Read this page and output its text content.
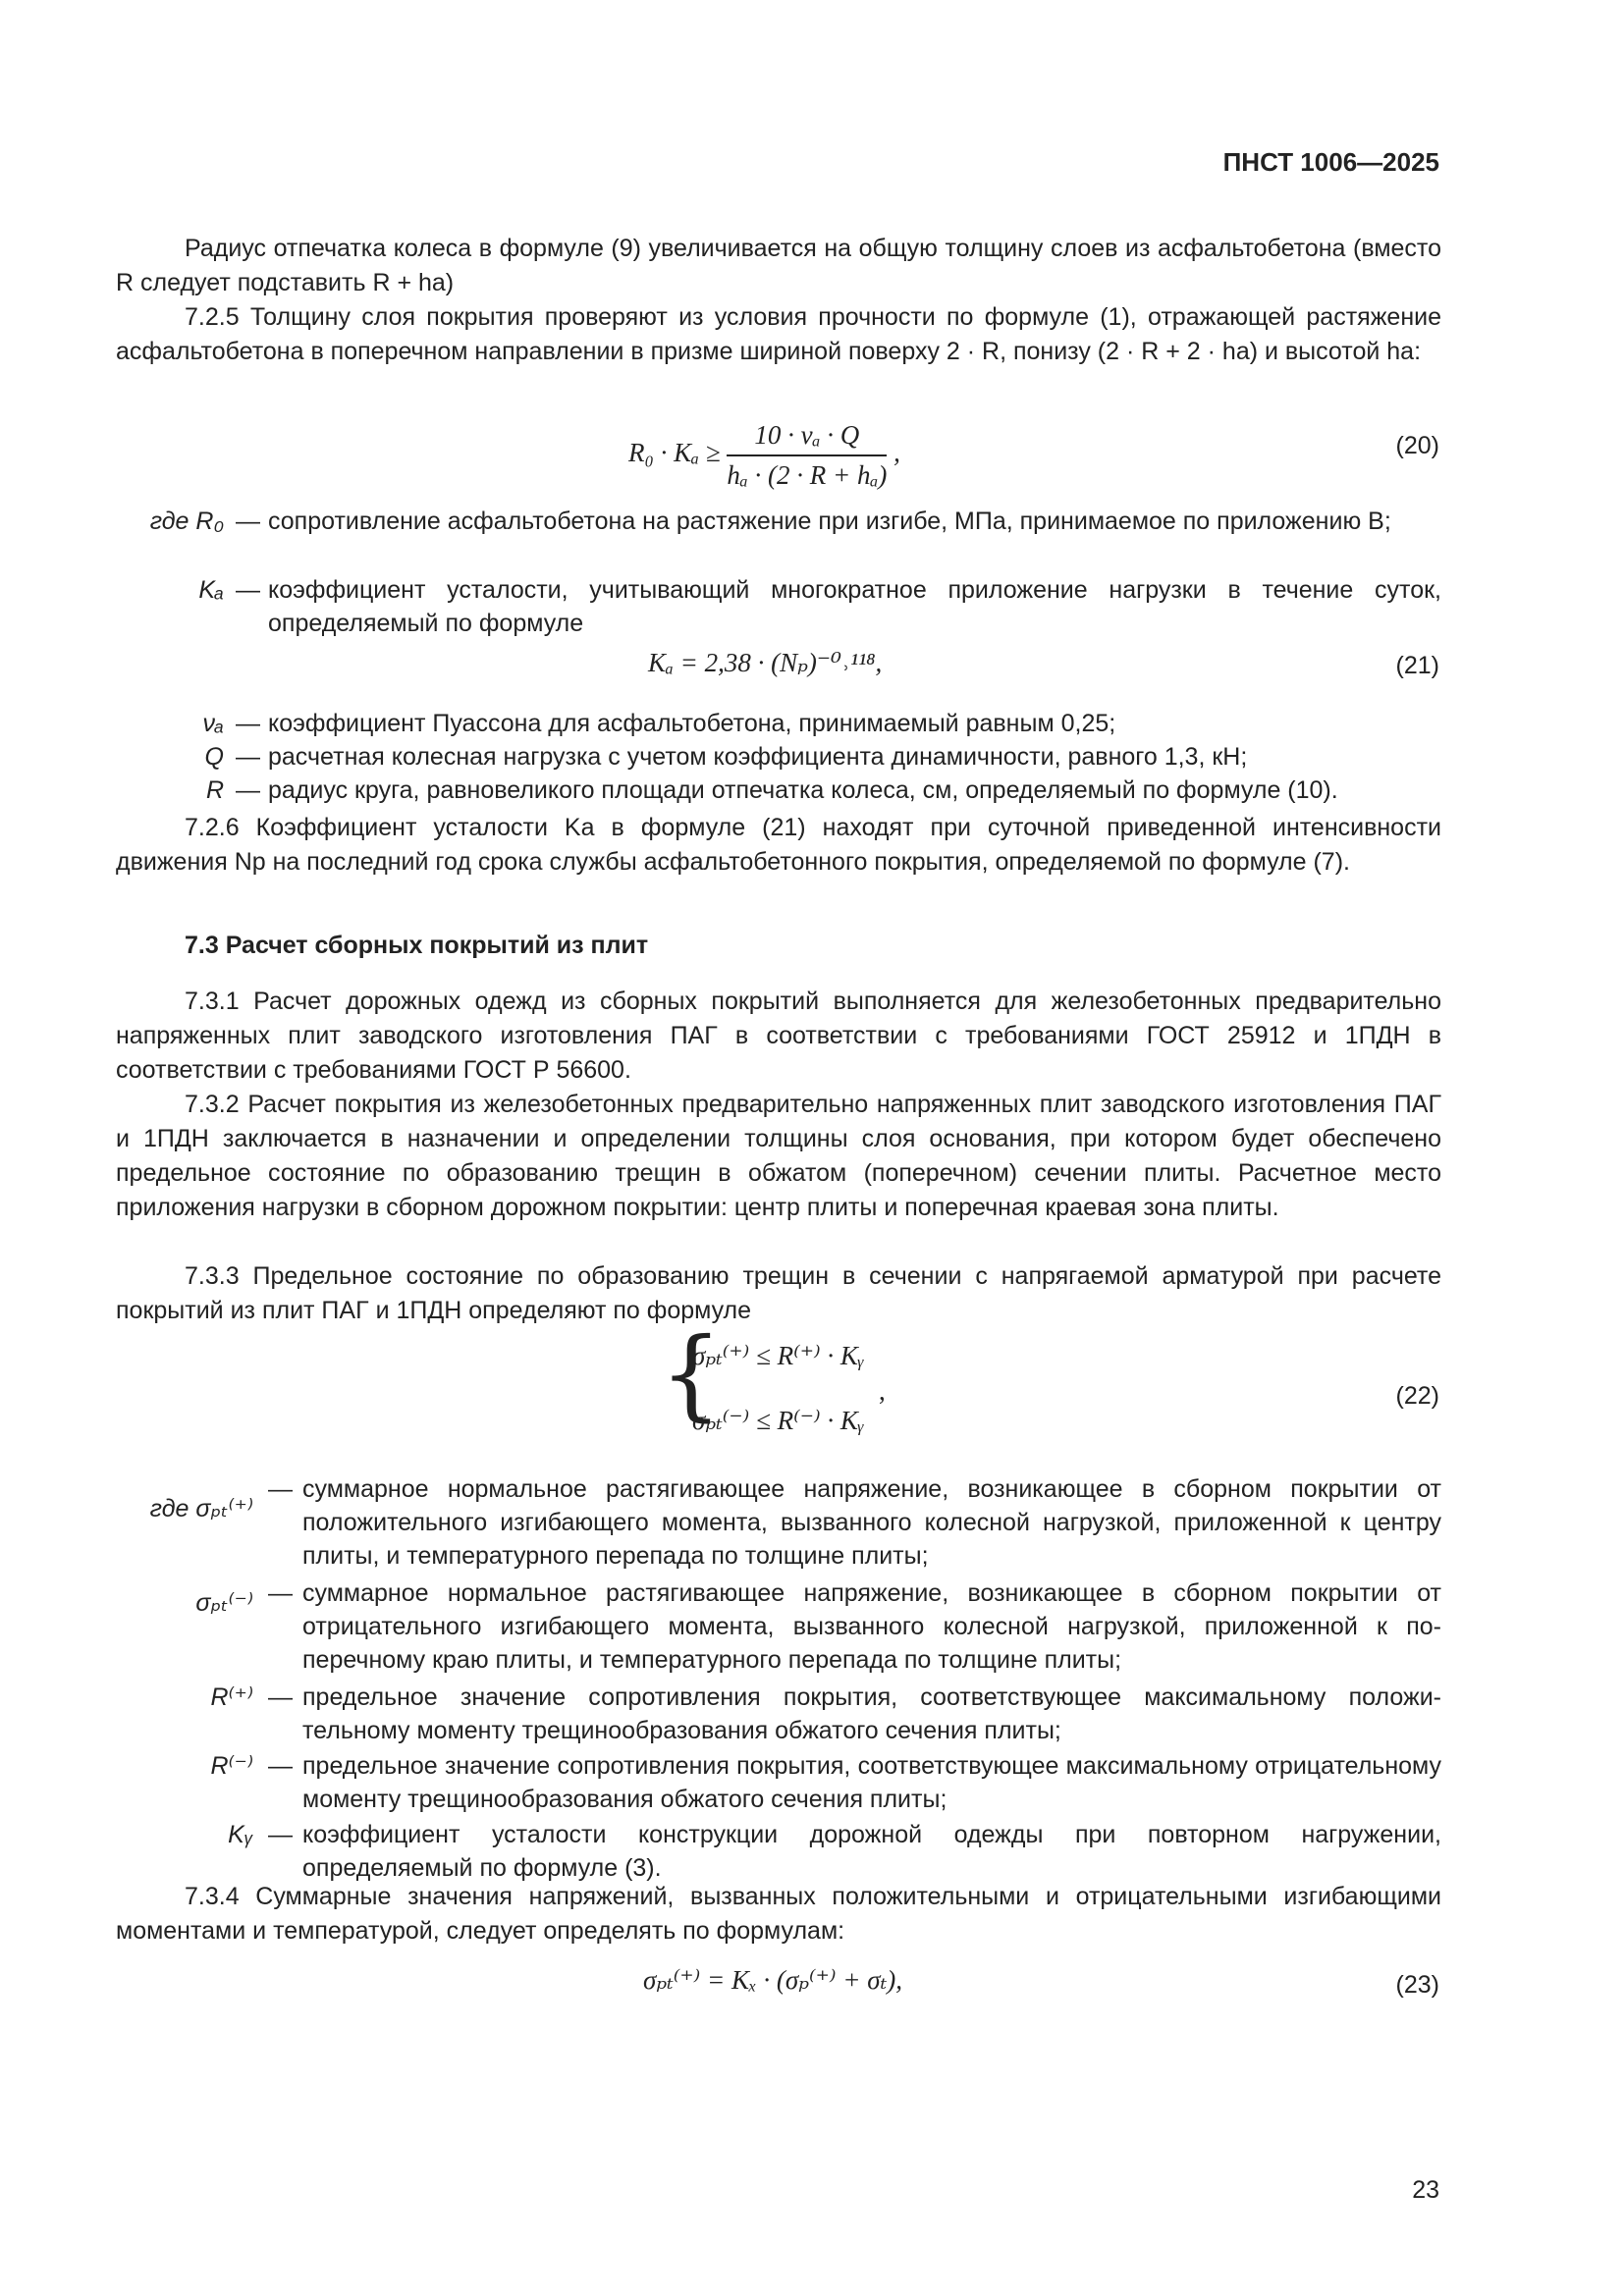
ПНСТ 1006—2025

Радиус отпечатка колеса в формуле (9) увеличивается на общую толщину слоев из асфальтобетона (вместо R следует подставить R + ha)

7.2.5 Толщину слоя покрытия проверяют из условия прочности по формуле (1), отражающей растяжение асфальтобетона в поперечном направлении в призме шириной поверху 2 · R, понизу (2 · R + 2 · ha) и высотой ha:

$R_0 \cdot K_a \ge \frac{\text{10 · νₐ · Q}}{\text{hₐ · (2 · R + hₐ)}}$ ,	(20)
где R₀ — сопротивление асфальтобетона на растяжение при изгибе, МПа, принимаемое по приложению В;
Kₐ — коэффициент усталости, учитывающий многократное приложение нагрузки в течение суток, определяемый по формуле
Kₐ = 2,38 · (Nₚ)⁻⁰˒¹¹⁸,	(21)
νₐ — коэффициент Пуассона для асфальтобетона, принимаемый равным 0,25;
Q — расчетная колесная нагрузка с учетом коэффициента динамичности, равного 1,3, кН;
R — радиус круга, равновеликого площади отпечатка колеса, см, определяемый по формуле (10).

7.2.6 Коэффициент усталости Ka в формуле (21) находят при суточной приведенной интенсивности движения Np на последний год срока службы асфальтобетонного покрытия, определяемой по формуле (7).

7.3 Расчет сборных покрытий из плит

7.3.1 Расчет дорожных одежд из сборных покрытий выполняется для железобетонных предварительно напряженных плит заводского изготовления ПАГ в соответствии с требованиями ГОСТ 25912 и 1ПДН в соответствии с требованиями ГОСТ Р 56600.

7.3.2 Расчет покрытия из железобетонных предварительно напряженных плит заводского изготовления ПАГ и 1ПДН заключается в назначении и определении толщины слоя основания, при котором будет обеспечено предельное состояние по образованию трещин в обжатом (поперечном) сечении плиты. Расчетное место приложения нагрузки в сборном дорожном покрытии: центр плиты и поперечная краевая зона плиты.

7.3.3 Предельное состояние по образованию трещин в сечении с напрягаемой арматурой при расчете покрытий из плит ПАГ и 1ПДН определяют по формуле

{
σₚₜ⁽⁺⁾ ≤ R⁽⁺⁾ · Kᵧ
σₚₜ⁽⁻⁾ ≤ R⁽⁻⁾ · Kᵧ
,	(22)
где σₚₜ⁽⁺⁾
— суммарное нормальное растягивающее напряжение, возникающее в сборном покрытии от положительного изгибающего момента, вызванного колесной нагрузкой, приложенной к центру плиты, и температурного перепада по толщине плиты;
σₚₜ⁽⁻⁾ — суммарное нормальное растягивающее напряжение, возникающее в сборном покрытии от отрицательного изгибающего момента, вызванного колесной нагрузкой, приложенной к поперечному краю плиты, и температурного перепада по толщине плиты;
R⁽⁺⁾ — предельное значение сопротивления покрытия, соответствующее максимальному положительному моменту трещинообразования обжатого сечения плиты;
R⁽⁻⁾ — предельное значение сопротивления покрытия, соответствующее максимальному отрицательному моменту трещинообразования обжатого сечения плиты;
Kᵧ — коэффициент усталости конструкции дорожной одежды при повторном нагружении, определяемый по формуле (3).

7.3.4 Суммарные значения напряжений, вызванных положительными и отрицательными изгибающими моментами и температурой, следует определять по формулам:

σₚₜ⁽⁺⁾ = Kₓ · (σₚ⁽⁺⁾ + σₜ),	(23)
23
